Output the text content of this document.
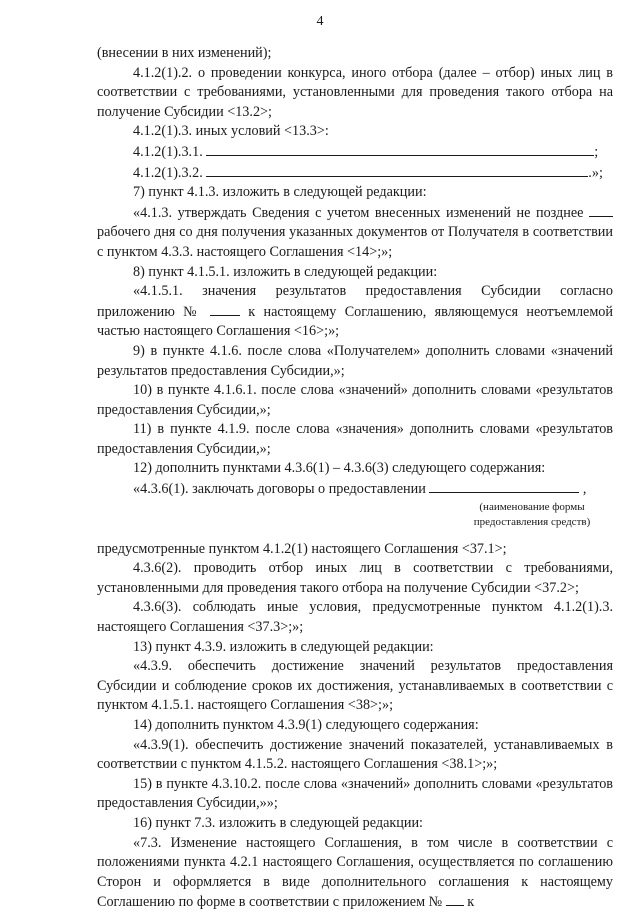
4

(внесении в них изменений);

4.1.2(1).2. о проведении конкурса, иного отбора (далее – отбор) иных лиц в соответствии с требованиями, установленными для проведения такого отбора на получение Субсидии <13.2>;

4.1.2(1).3. иных условий <13.3>:

4.1.2(1).3.1.	;

4.1.2(1).3.2.	.»;

7) пункт 4.1.3. изложить в следующей редакции:

«4.1.3. утверждать Сведения с учетом внесенных изменений не позднее  рабочего дня со дня получения указанных документов от Получателя в соответствии с пунктом 4.3.3. настоящего Соглашения <14>;»;

8) пункт 4.1.5.1. изложить в следующей редакции:

«4.1.5.1. значения результатов предоставления Субсидии согласно приложению №	к настоящему Соглашению, являющемуся неотъемлемой частью настоящего Соглашения <16>;»;

9) в пункте 4.1.6. после слова «Получателем» дополнить словами «значений результатов предоставления Субсидии,»;

10) в пункте 4.1.6.1. после слова «значений» дополнить словами «результатов предоставления Субсидии,»;

11) в пункте 4.1.9. после слова «значения» дополнить словами «результатов предоставления Субсидии,»;

12) дополнить пунктами 4.3.6(1) – 4.3.6(3) следующего содержания:

«4.3.6(1). заключать договоры о предоставлении	,

(наименование формы
предоставления средств)

предусмотренные пунктом 4.1.2(1) настоящего Соглашения <37.1>;

4.3.6(2). проводить отбор иных лиц в соответствии с требованиями, установленными для проведения такого отбора на получение Субсидии <37.2>;

4.3.6(3). соблюдать иные условия, предусмотренные пунктом 4.1.2(1).3. настоящего Соглашения <37.3>;»;

13) пункт 4.3.9. изложить в следующей редакции:

«4.3.9. обеспечить достижение значений результатов предоставления Субсидии и соблюдение сроков их достижения, устанавливаемых в соответствии с пунктом 4.1.5.1. настоящего Соглашения <38>;»;

14) дополнить пунктом 4.3.9(1) следующего содержания:

«4.3.9(1). обеспечить достижение значений показателей, устанавливаемых в соответствии с пунктом 4.1.5.2. настоящего Соглашения <38.1>;»;

15) в пункте 4.3.10.2. после слова «значений» дополнить словами «результатов предоставления Субсидии,»»;

16) пункт 7.3. изложить в следующей редакции:

«7.3. Изменение настоящего Соглашения, в том числе в соответствии с положениями пункта 4.2.1 настоящего Соглашения, осуществляется по соглашению Сторон и оформляется в виде дополнительного соглашения к настоящему Соглашению по форме в соответствии с приложением № к
